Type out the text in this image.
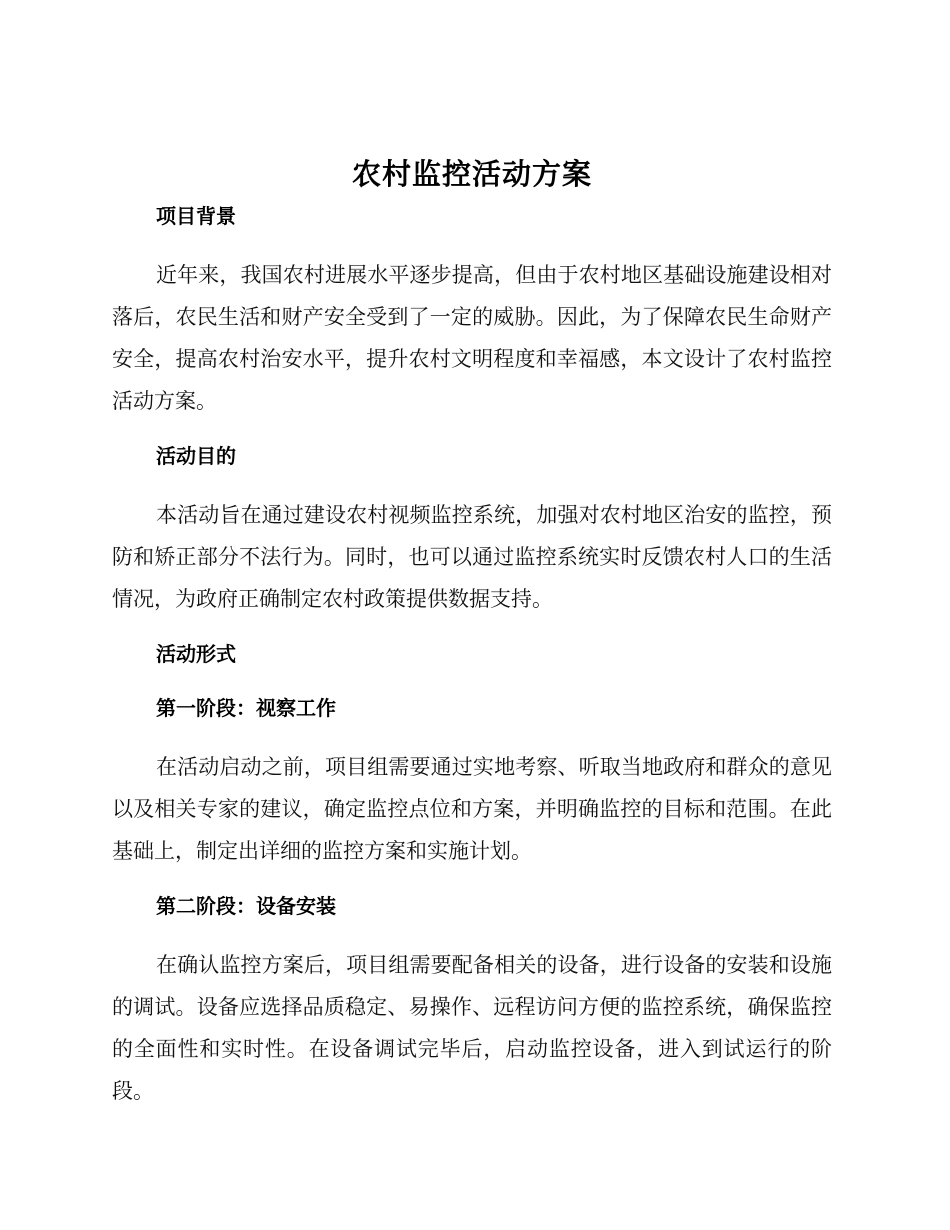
农村监控活动方案
项目背景

近年来，我国农村进展水平逐步提高，但由于农村地区基础设施建设相对落后，农民生活和财产安全受到了一定的威胁。因此，为了保障农民生命财产安全，提高农村治安水平，提升农村文明程度和幸福感，本文设计了农村监控活动方案。

活动目的

本活动旨在通过建设农村视频监控系统，加强对农村地区治安的监控，预防和矫正部分不法行为。同时，也可以通过监控系统实时反馈农村人口的生活情况，为政府正确制定农村政策提供数据支持。

活动形式
第一阶段：视察工作

在活动启动之前，项目组需要通过实地考察、听取当地政府和群众的意见以及相关专家的建议，确定监控点位和方案，并明确监控的目标和范围。在此基础上，制定出详细的监控方案和实施计划。

第二阶段：设备安装

在确认监控方案后，项目组需要配备相关的设备，进行设备的安装和设施的调试。设备应选择品质稳定、易操作、远程访问方便的监控系统，确保监控的全面性和实时性。在设备调试完毕后，启动监控设备，进入到试运行的阶段。
